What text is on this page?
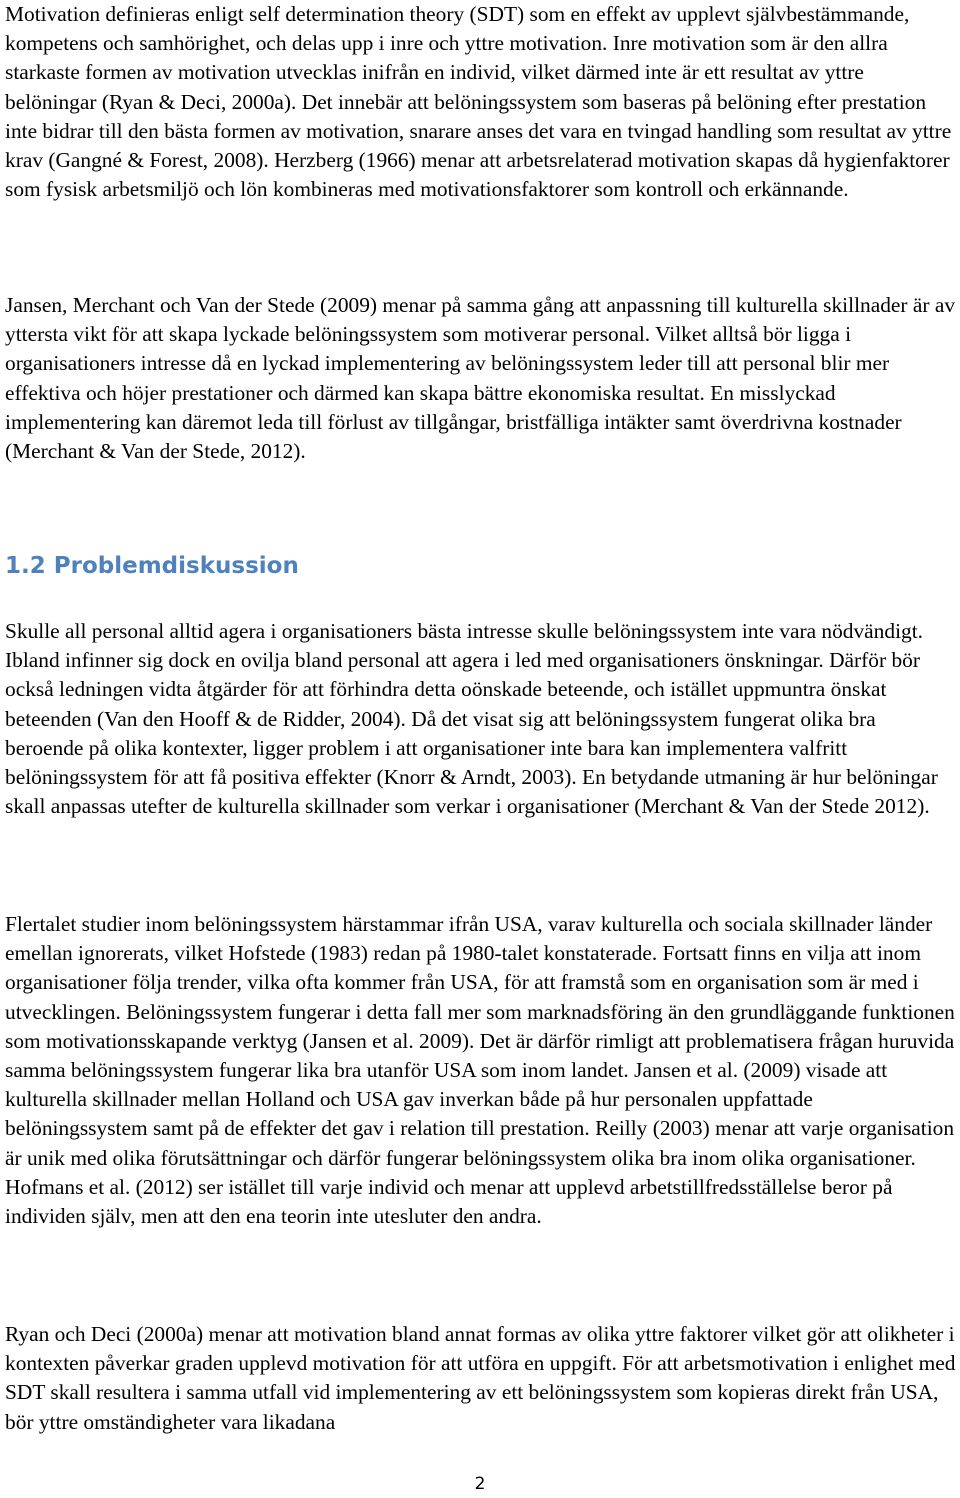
Motivation definieras enligt self determination theory (SDT) som en effekt av upplevt självbestämmande, kompetens och samhörighet, och delas upp i inre och yttre motivation. Inre motivation som är den allra starkaste formen av motivation utvecklas inifrån en individ, vilket därmed inte är ett resultat av yttre belöningar (Ryan & Deci, 2000a). Det innebär att belöningssystem som baseras på belöning efter prestation inte bidrar till den bästa formen av motivation, snarare anses det vara en tvingad handling som resultat av yttre krav (Gangné & Forest, 2008). Herzberg (1966) menar att arbetsrelaterad motivation skapas då hygienfaktorer som fysisk arbetsmiljö och lön kombineras med motivationsfaktorer som kontroll och erkännande.

Jansen, Merchant och Van der Stede (2009) menar på samma gång att anpassning till kulturella skillnader är av yttersta vikt för att skapa lyckade belöningssystem som motiverar personal. Vilket alltså bör ligga i organisationers intresse då en lyckad implementering av belöningssystem leder till att personal blir mer effektiva och höjer prestationer och därmed kan skapa bättre ekonomiska resultat. En misslyckad implementering kan däremot leda till förlust av tillgångar, bristfälliga intäkter samt överdrivna kostnader (Merchant & Van der Stede, 2012).

1.2 Problemdiskussion

Skulle all personal alltid agera i organisationers bästa intresse skulle belöningssystem inte vara nödvändigt. Ibland infinner sig dock en ovilja bland personal att agera i led med organisationers önskningar. Därför bör också ledningen vidta åtgärder för att förhindra detta oönskade beteende, och istället uppmuntra önskat beteenden (Van den Hooff & de Ridder, 2004). Då det visat sig att belöningssystem fungerat olika bra beroende på olika kontexter, ligger problem i att organisationer inte bara kan implementera valfritt belöningssystem för att få positiva effekter (Knorr & Arndt, 2003). En betydande utmaning är hur belöningar skall anpassas utefter de kulturella skillnader som verkar i organisationer (Merchant & Van der Stede 2012).

Flertalet studier inom belöningssystem härstammar ifrån USA, varav kulturella och sociala skillnader länder emellan ignorerats, vilket Hofstede (1983) redan på 1980-talet konstaterade. Fortsatt finns en vilja att inom organisationer följa trender, vilka ofta kommer från USA, för att framstå som en organisation som är med i utvecklingen. Belöningssystem fungerar i detta fall mer som marknadsföring än den grundläggande funktionen som motivationsskapande verktyg (Jansen et al. 2009). Det är därför rimligt att problematisera frågan huruvida samma belöningssystem fungerar lika bra utanför USA som inom landet. Jansen et al. (2009) visade att kulturella skillnader mellan Holland och USA gav inverkan både på hur personalen uppfattade belöningssystem samt på de effekter det gav i relation till prestation. Reilly (2003) menar att varje organisation är unik med olika förutsättningar och därför fungerar belöningssystem olika bra inom olika organisationer. Hofmans et al. (2012) ser istället till varje individ och menar att upplevd arbetstillfredsställelse beror på individen själv, men att den ena teorin inte utesluter den andra.

Ryan och Deci (2000a) menar att motivation bland annat formas av olika yttre faktorer vilket gör att olikheter i kontexten påverkar graden upplevd motivation för att utföra en uppgift. För att arbetsmotivation i enlighet med SDT skall resultera i samma utfall vid implementering av ett belöningssystem som kopieras direkt från USA, bör yttre omständigheter vara likadana

2
